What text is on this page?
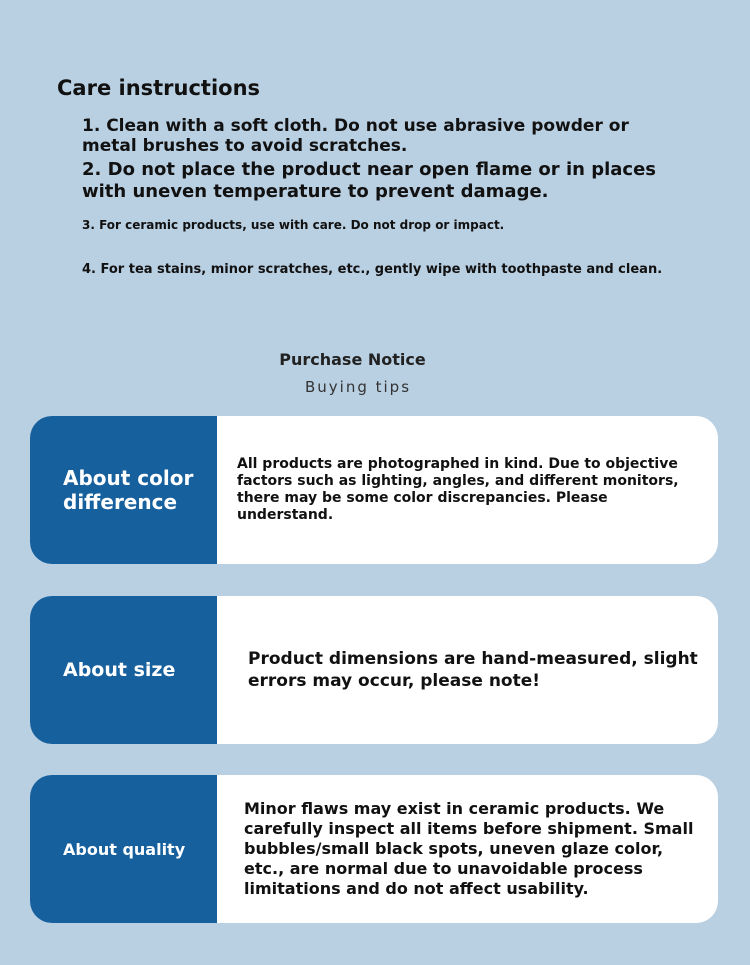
Care instructions
1. Clean with a soft cloth. Do not use abrasive powder or metal brushes to avoid scratches.
2. Do not place the product near open flame or in places with uneven temperature to prevent damage.
3. For ceramic products, use with care. Do not drop or impact.
4. For tea stains, minor scratches, etc., gently wipe with toothpaste and clean.
Purchase Notice
Buying tips
About color difference
All products are photographed in kind. Due to objective factors such as lighting, angles, and different monitors, there may be some color discrepancies. Please understand.
About size	Product dimensions are hand-measured, slight errors may occur, please note!
About quality
Minor flaws may exist in ceramic products. We carefully inspect all items before shipment. Small bubbles/small black spots, uneven glaze color, etc., are normal due to unavoidable process limitations and do not affect usability.
